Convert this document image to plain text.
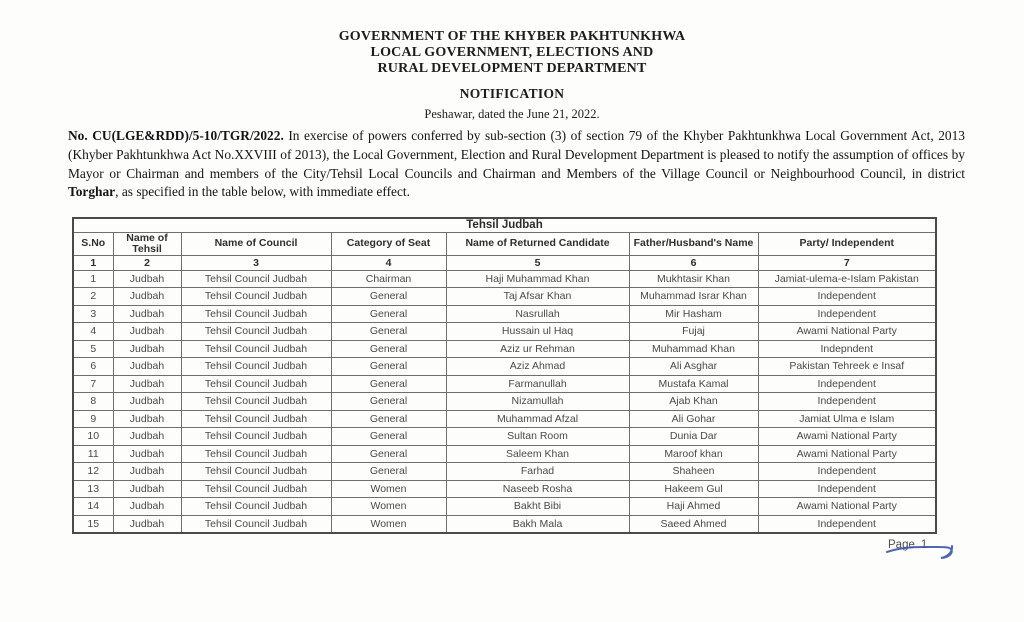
GOVERNMENT OF THE KHYBER PAKHTUNKHWA
LOCAL GOVERNMENT, ELECTIONS AND
RURAL DEVELOPMENT DEPARTMENT
NOTIFICATION
Peshawar, dated the June 21, 2022.

No. CU(LGE&RDD)/5-10/TGR/2022. In exercise of powers conferred by sub-section (3) of section 79 of the Khyber Pakhtunkhwa Local Government Act, 2013 (Khyber Pakhtunkhwa Act No.XXVIII of 2013), the Local Government, Election and Rural Development Department is pleased to notify the assumption of offices by Mayor or Chairman and members of the City/Tehsil Local Councils and Chairman and Members of the Village Council or Neighbourhood Council, in district Torghar, as specified in the table below, with immediate effect.

Tehsil Judbah						
S.No	Name of Tehsil	Name of Council	Category of Seat	Name of Returned Candidate	Father/Husband's Name	Party/ Independent
1	2	3	4	5	6	7
1	Judbah	Tehsil Council Judbah	Chairman	Haji Muhammad Khan	Mukhtasir Khan	Jamiat-ulema-e-Islam Pakistan
2	Judbah	Tehsil Council Judbah	General	Taj Afsar Khan	Muhammad Israr Khan	Independent
3	Judbah	Tehsil Council Judbah	General	Nasrullah	Mir Hasham	Independent
4	Judbah	Tehsil Council Judbah	General	Hussain ul Haq	Fujaj	Awami National Party
5	Judbah	Tehsil Council Judbah	General	Aziz ur Rehman	Muhammad Khan	Indepndent
6	Judbah	Tehsil Council Judbah	General	Aziz Ahmad	Ali Asghar	Pakistan Tehreek e Insaf
7	Judbah	Tehsil Council Judbah	General	Farmanullah	Mustafa Kamal	Independent
8	Judbah	Tehsil Council Judbah	General	Nizamullah	Ajab Khan	Independent
9	Judbah	Tehsil Council Judbah	General	Muhammad Afzal	Ali Gohar	Jamiat Ulma e Islam
10	Judbah	Tehsil Council Judbah	General	Sultan Room	Dunia Dar	Awami National Party
11	Judbah	Tehsil Council Judbah	General	Saleem Khan	Maroof khan	Awami National Party
12	Judbah	Tehsil Council Judbah	General	Farhad	Shaheen	Independent
13	Judbah	Tehsil Council Judbah	Women	Naseeb Rosha	Hakeem Gul	Independent
14	Judbah	Tehsil Council Judbah	Women	Bakht Bibi	Haji Ahmed	Awami National Party
15	Judbah	Tehsil Council Judbah	Women	Bakh Mala	Saeed Ahmed	Independent
Page 1
